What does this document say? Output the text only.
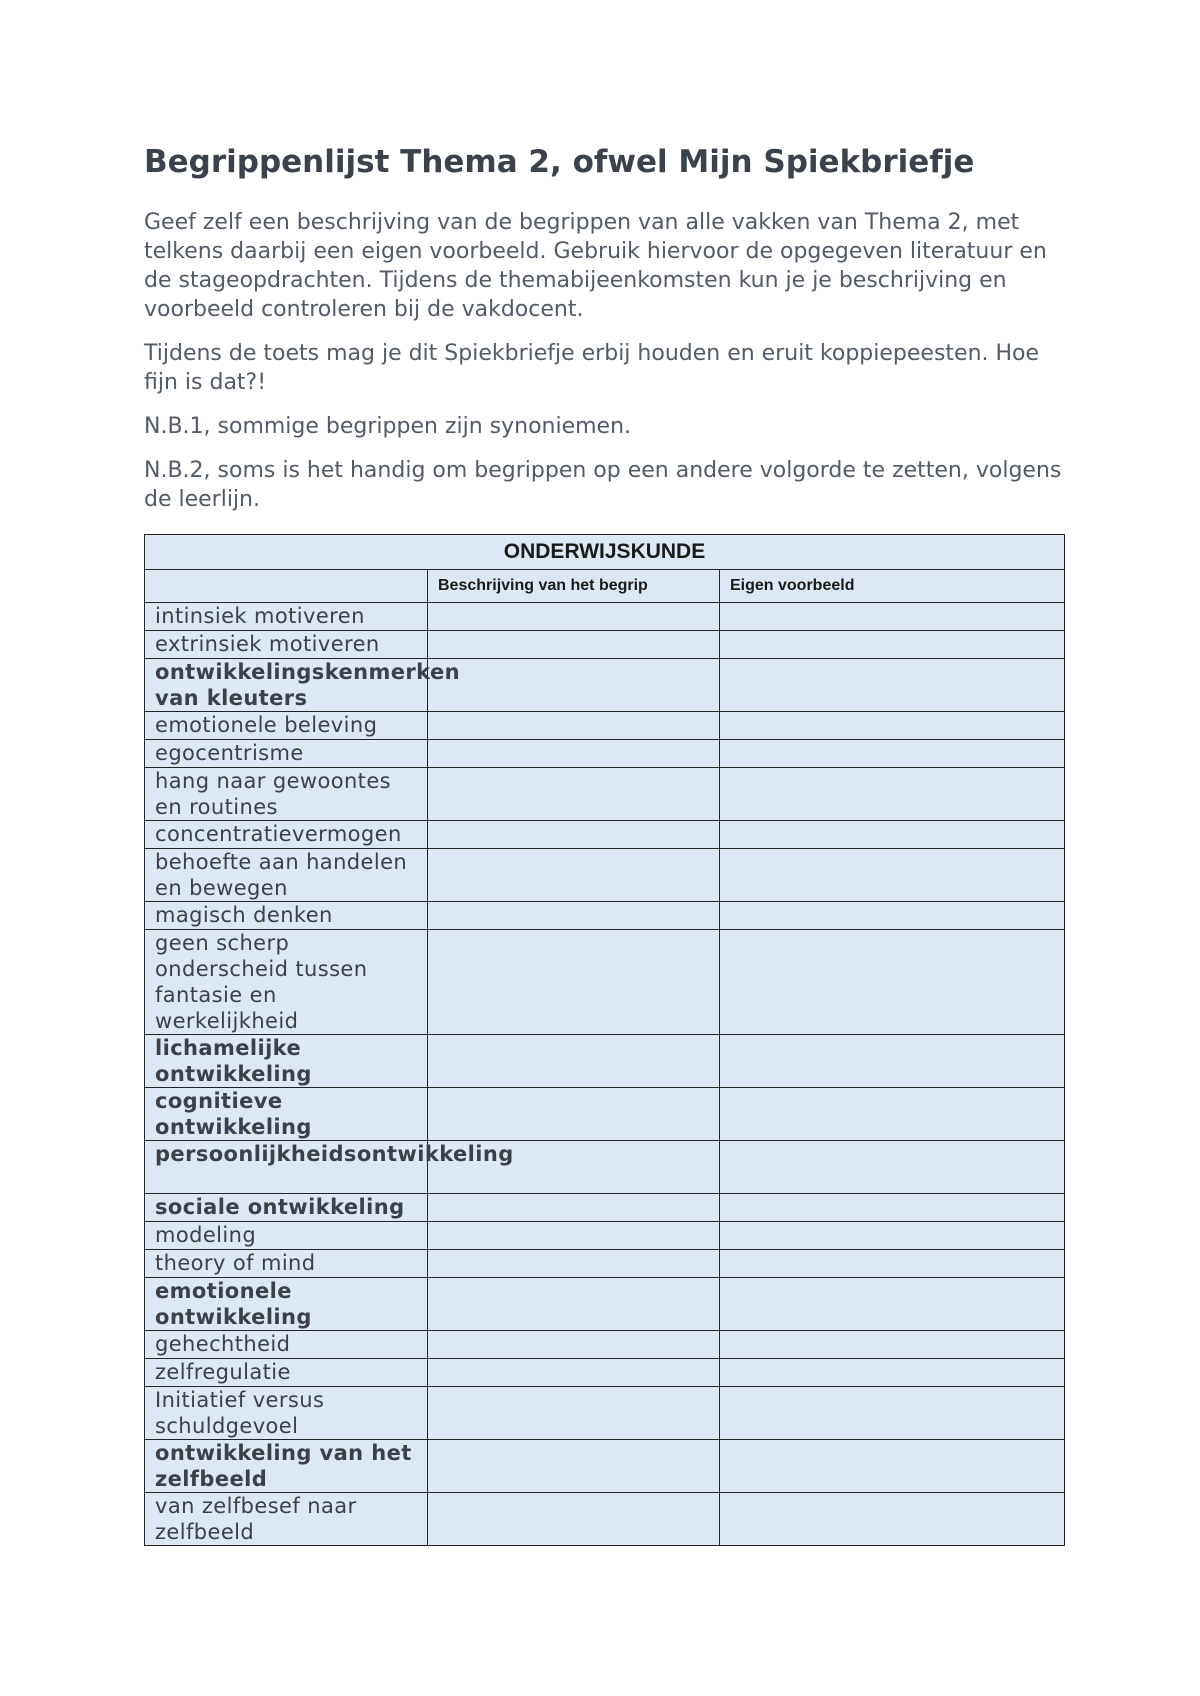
Begrippenlijst Thema 2, ofwel Mijn Spiekbriefje

Geef zelf een beschrijving van de begrippen van alle vakken van Thema 2, met telkens daarbij een eigen voorbeeld. Gebruik hiervoor de opgegeven literatuur en de stageopdrachten. Tijdens de themabijeenkomsten kun je je beschrijving en voorbeeld controleren bij de vakdocent.

Tijdens de toets mag je dit Spiekbriefje erbij houden en eruit koppiepeesten. Hoe fijn is dat?!

N.B.1, sommige begrippen zijn synoniemen.

N.B.2, soms is het handig om begrippen op een andere volgorde te zetten, volgens de leerlijn.

ONDERWIJSKUNDE		
	Beschrijving van het begrip	Eigen voorbeeld
intinsiek motiveren		
extrinsiek motiveren		
ontwikkelingskenmerken van kleuters		
emotionele beleving		
egocentrisme		
hang naar gewoontes en routines		
concentratievermogen		
behoefte aan handelen en bewegen		
magisch denken		
geen scherp onderscheid tussen fantasie en werkelijkheid		
lichamelijke ontwikkeling		
cognitieve ontwikkeling		
persoonlijkheidsontwikkeling		
sociale ontwikkeling		
modeling		
theory of mind		
emotionele ontwikkeling		
gehechtheid		
zelfregulatie		
Initiatief versus schuldgevoel		
ontwikkeling van het zelfbeeld		
van zelfbesef naar zelfbeeld		
